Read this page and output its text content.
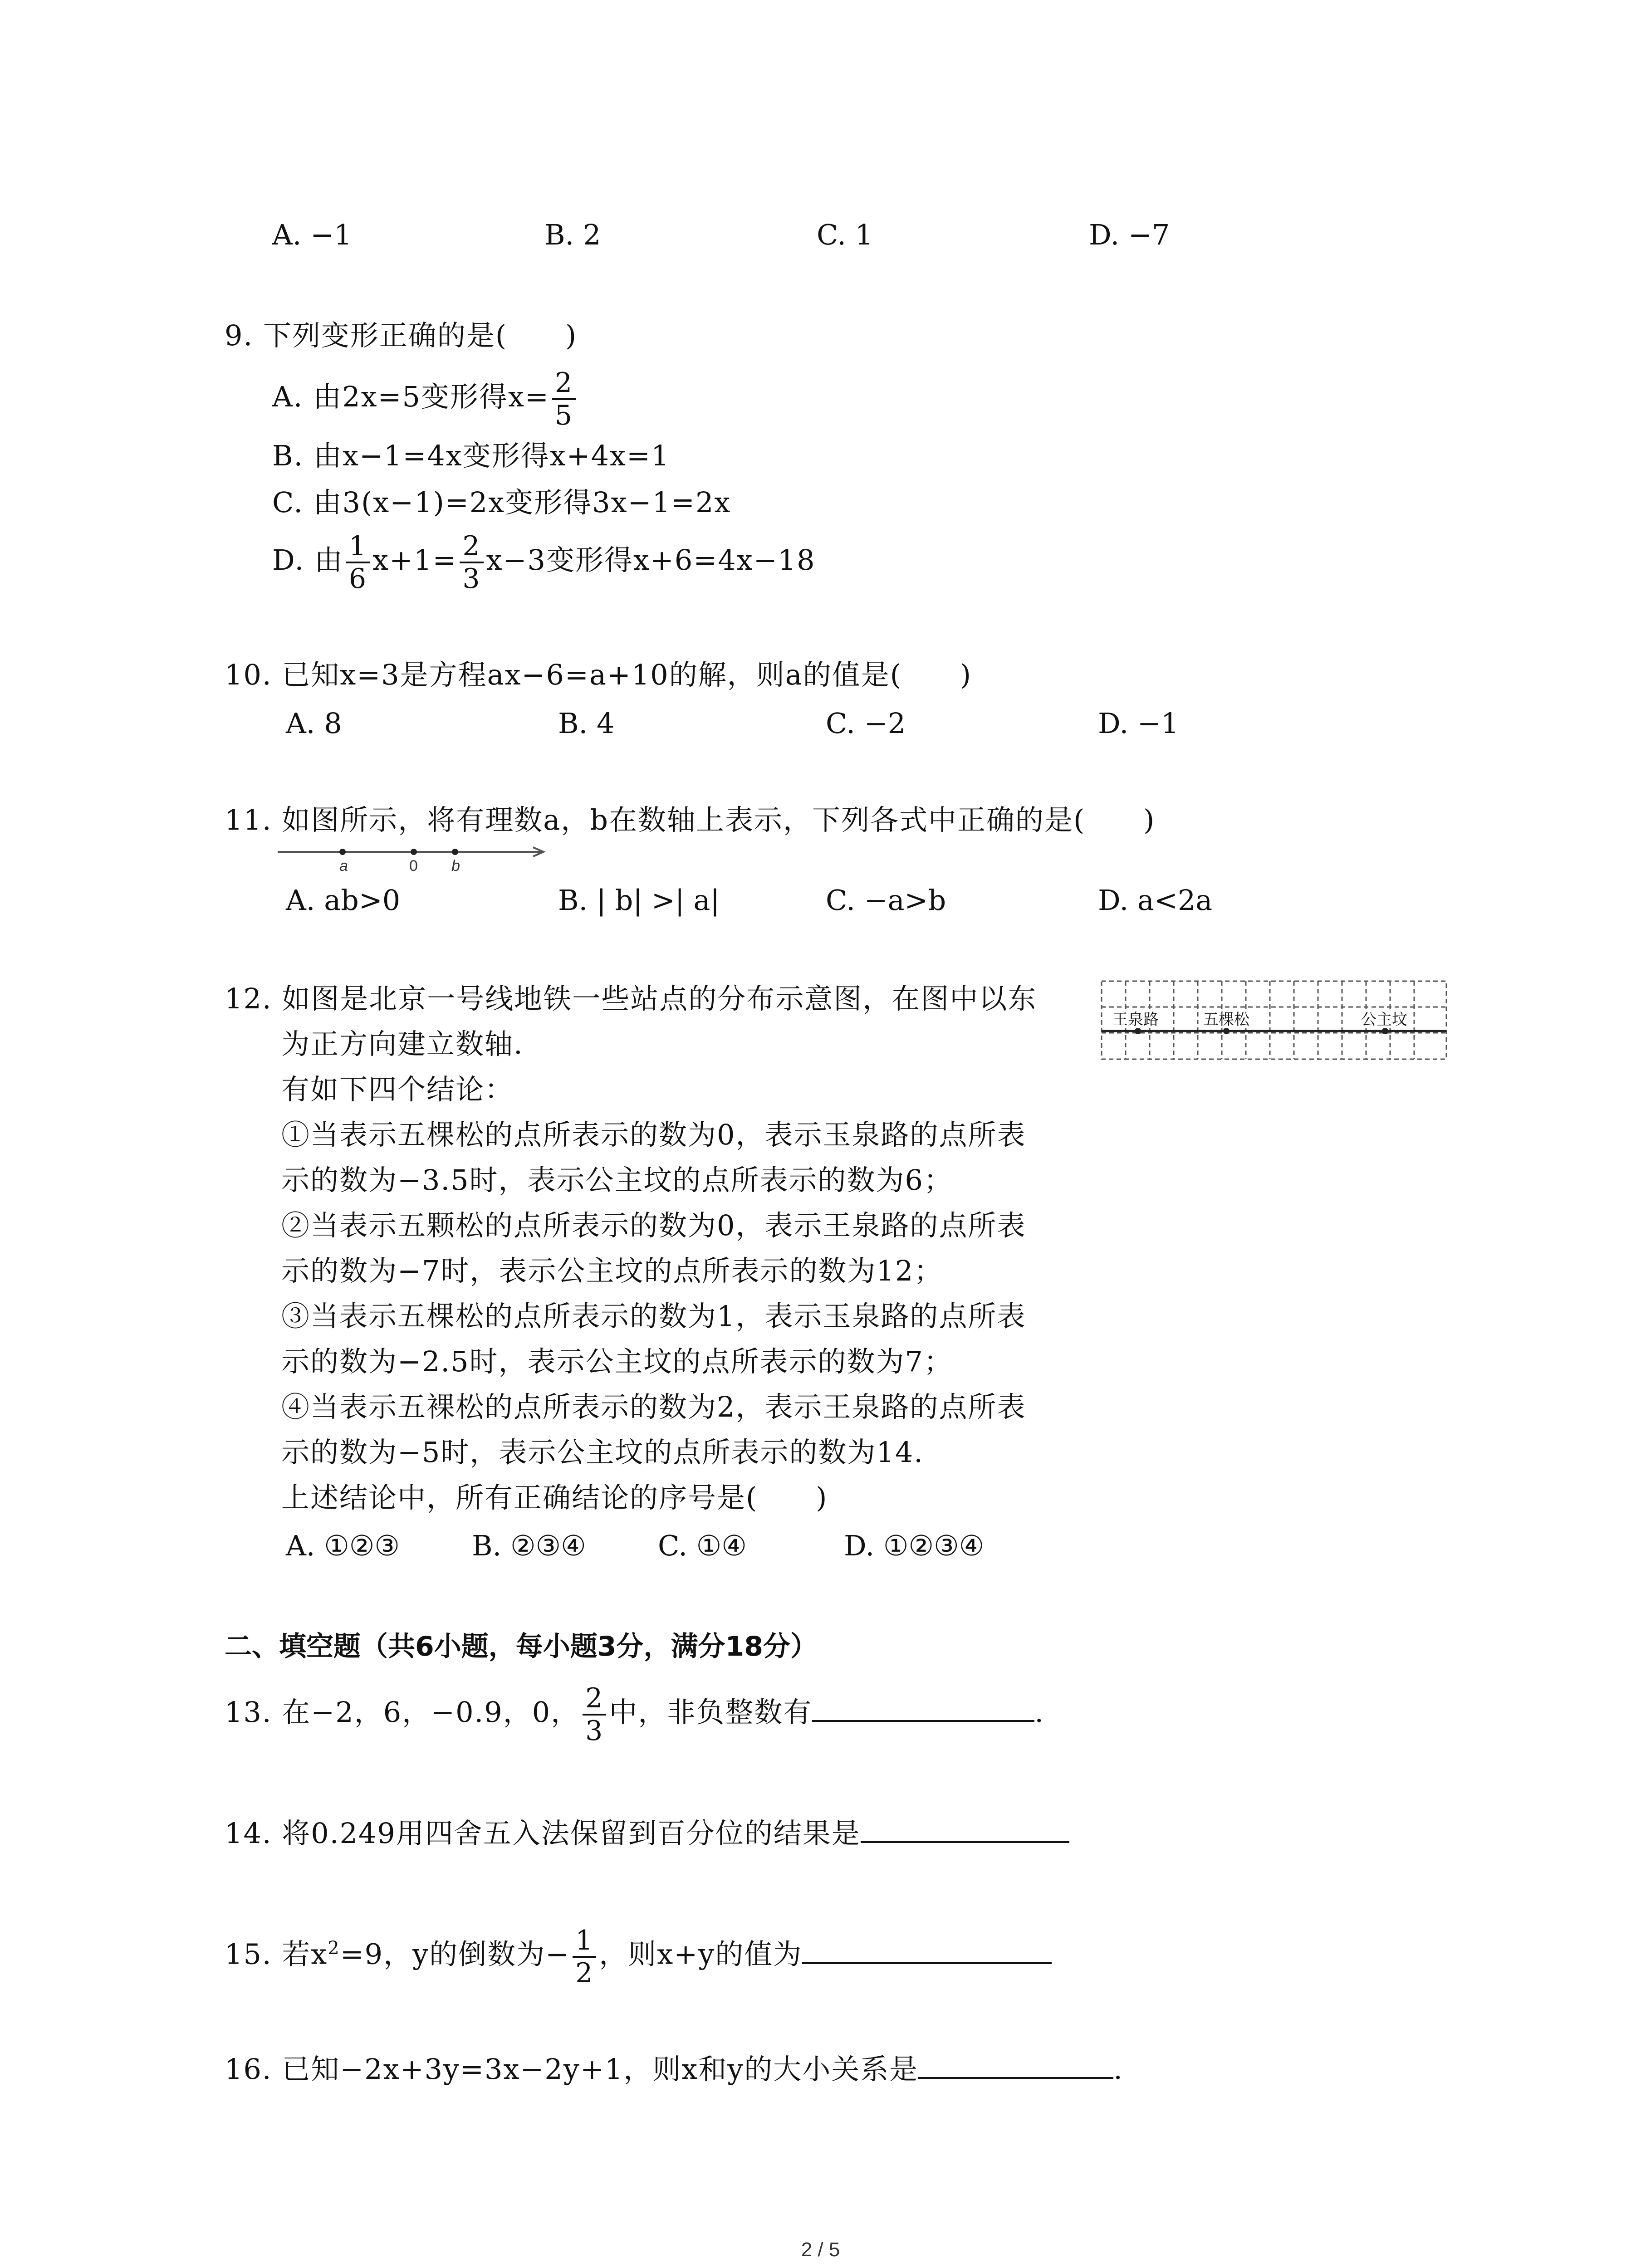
A. −1	B. 2	C. 1	D. −7
9. 下列变形正确的是(　　)
A. 由2x=5变形得$x= \frac{2}{5}$
B. 由x−1=4x变形得x+4x=1
C. 由3(x−1)=2x变形得3x−1=2x
D. 由 $\frac{1}{6} x+1= \frac{2}{3} x-3$变形得x+6=4x−18
10. 已知x=3是方程ax−6=a+10的解，则a的值是(　　)
A. 8	B. 4	C. −2	D. −1
11. 如图所示，将有理数a，b在数轴上表示，下列各式中正确的是(　　)
a	0 b
A. ab>0	B. | b| >| a|	C. −a>b	D. a<2a
12. 如图是北京一号线地铁一些站点的分布示意图，在图中以东
为正方向建立数轴.
有如下四个结论：
①当表示五棵松的点所表示的数为0，表示玉泉路的点所表
示的数为−3.5时，表示公主坟的点所表示的数为6；
②当表示五颗松的点所表示的数为0，表示王泉路的点所表
示的数为−7时，表示公主坟的点所表示的数为12；
③当表示五棵松的点所表示的数为1，表示玉泉路的点所表
示的数为−2.5时，表示公主坟的点所表示的数为7；
④当表示五裸松的点所表示的数为2，表示王泉路的点所表
示的数为−5时，表示公主坟的点所表示的数为14.
上述结论中，所有正确结论的序号是(　　)
A. ①②③	B. ②③④	C. ①④	D. ①②③④
王泉路	五棵松	公主坟
二、填空题（共6小题，每小题3分，满分18分）
13. 在−2，6，−0.9，0， $\frac{2}{3}$ 中，非负整数有	.
14. 将0.249用四舍五入法保留到百分位的结果是
15. 若$x^2=9$，y的倒数为− $\frac{1}{2}$ ，则x+y的值为
16. 已知−2x+3y=3x−2y+1，则x和y的大小关系是	.
2 / 5
